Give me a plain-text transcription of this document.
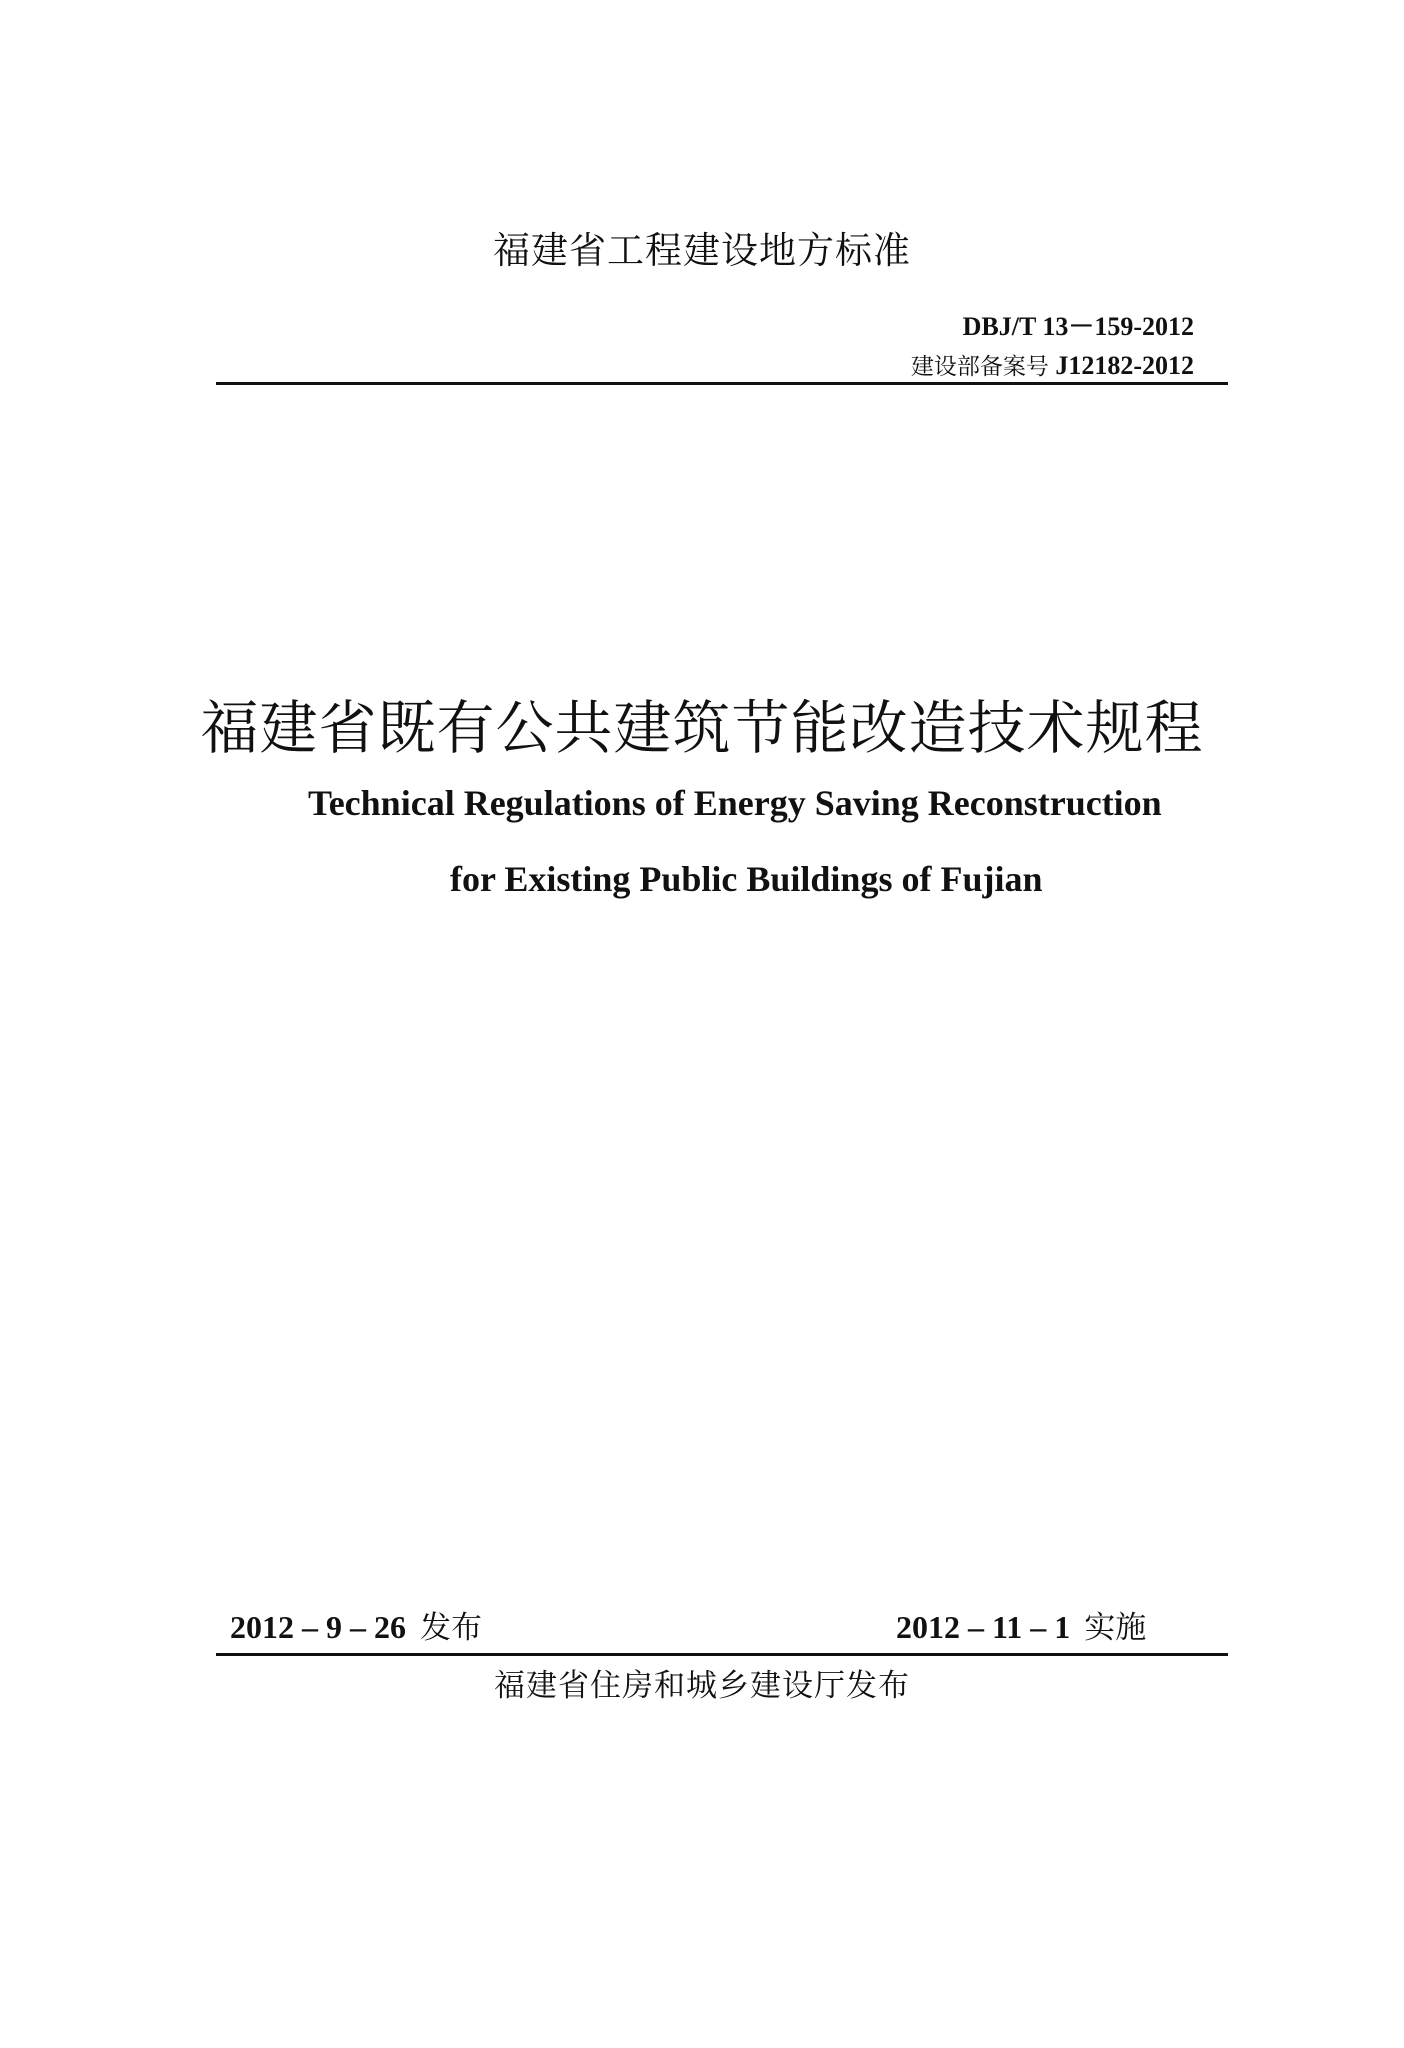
福建省工程建设地方标准
DBJ/T 13－159-2012
建设部备案号 J12182-2012
福建省既有公共建筑节能改造技术规程
Technical Regulations of Energy Saving Reconstruction
for Existing Public Buildings of Fujian
2012 – 9 – 26 发布	2012 – 11 – 1 实施
福建省住房和城乡建设厅发布
